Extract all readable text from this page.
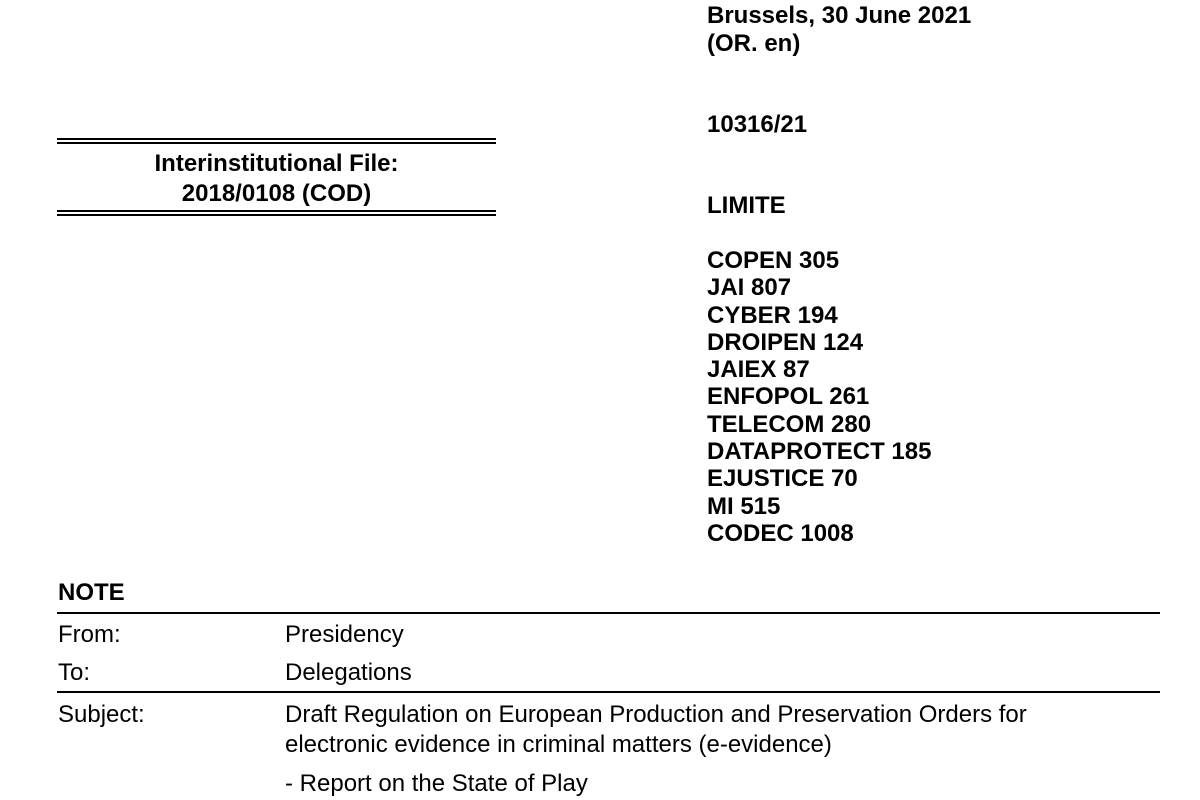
Brussels, 30 June 2021
(OR. en)
10316/21
LIMITE
COPEN 305
JAI 807
CYBER 194
DROIPEN 124
JAIEX 87
ENFOPOL 261
TELECOM 280
DATAPROTECT 185
EJUSTICE 70
MI 515
CODEC 1008
Interinstitutional File:
2018/0108 (COD)
NOTE
From:	Presidency
To:	Delegations
Subject:	Draft Regulation on European Production and Preservation Orders for
electronic evidence in criminal matters (e-evidence)
- Report on the State of Play
